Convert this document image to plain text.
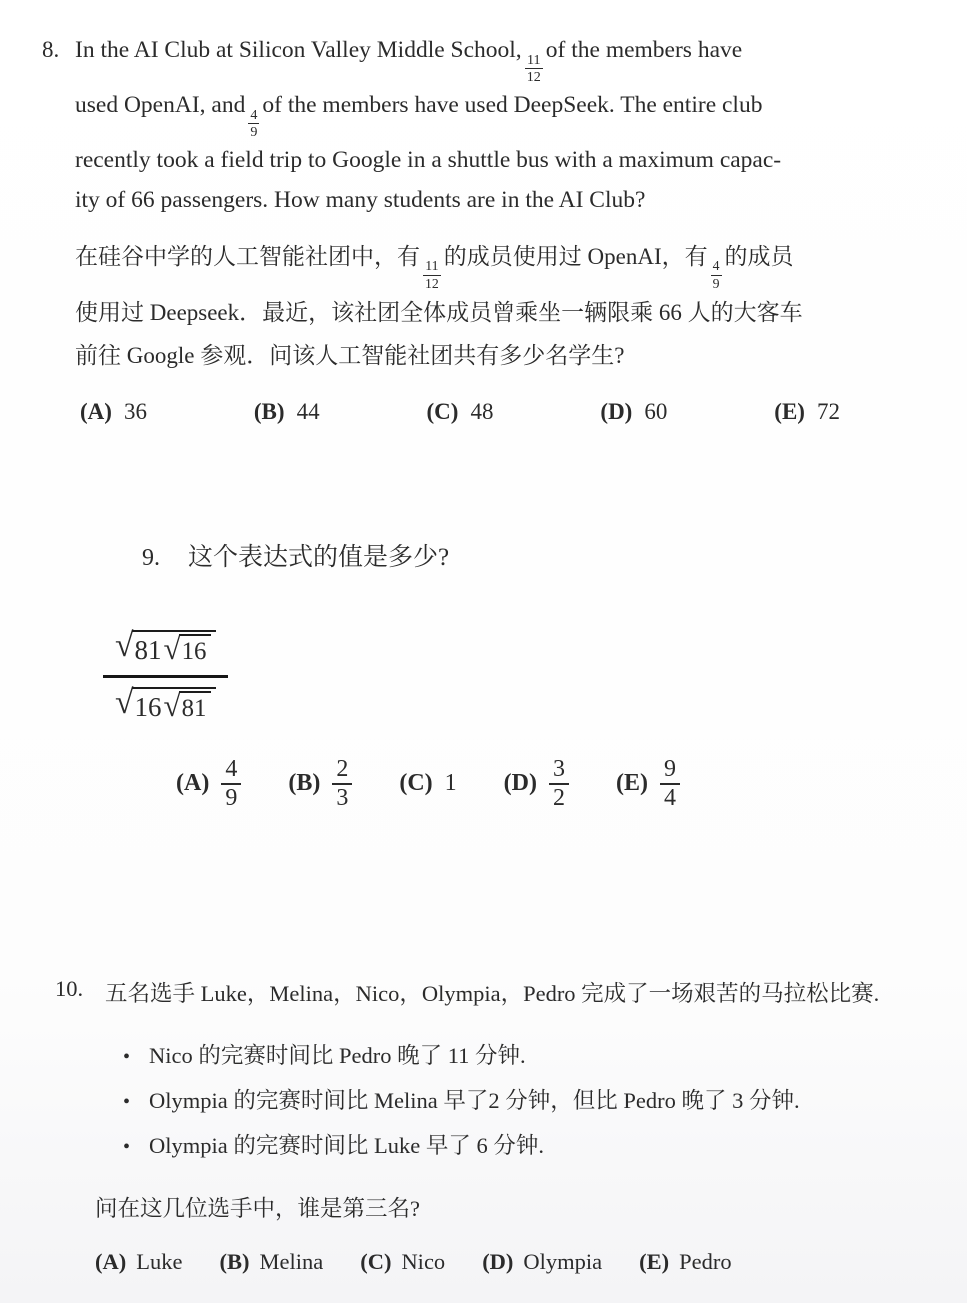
8. In the AI Club at Silicon Valley Middle School,
$\frac{11}{12}$
of the members have
used OpenAI, and
$\frac{4}{9}$
of the members have used DeepSeek. The entire club
recently took a field trip to Google in a shuttle bus with a maximum capac-
ity of 66 passengers. How many students are in the AI Club?
在硅谷中学的人工智能社团中，有
$\frac{11}{12}$
的成员使用过 OpenAI，有
$\frac{4}{9}$
的成员
使用过 Deepseek．最近，该社团全体成员曾乘坐一辆限乘 66 人的大客车
前往 Google 参观．问该人工智能社团共有多少名学生?
(A) 36	(B) 44	(C) 48	(D) 60	(E) 72
9. 这个表达式的值是多少?
√ 81 √ 16
√ 16 √ 81
(A)
4
9
(B)
2
3
(C) 1 (D)
3
2
(E)
9
4
10. 五名选手 Luke，Melina，Nico，Olympia，Pedro 完成了一场艰苦的马拉松比赛.
• Nico 的完赛时间比 Pedro 晚了 11 分钟.
• Olympia 的完赛时间比 Melina 早了2 分钟，但比 Pedro 晚了 3 分钟.
• Olympia 的完赛时间比 Luke 早了 6 分钟.
问在这几位选手中，谁是第三名?
(A) Luke (B) Melina (C) Nico (D) Olympia (E) Pedro
